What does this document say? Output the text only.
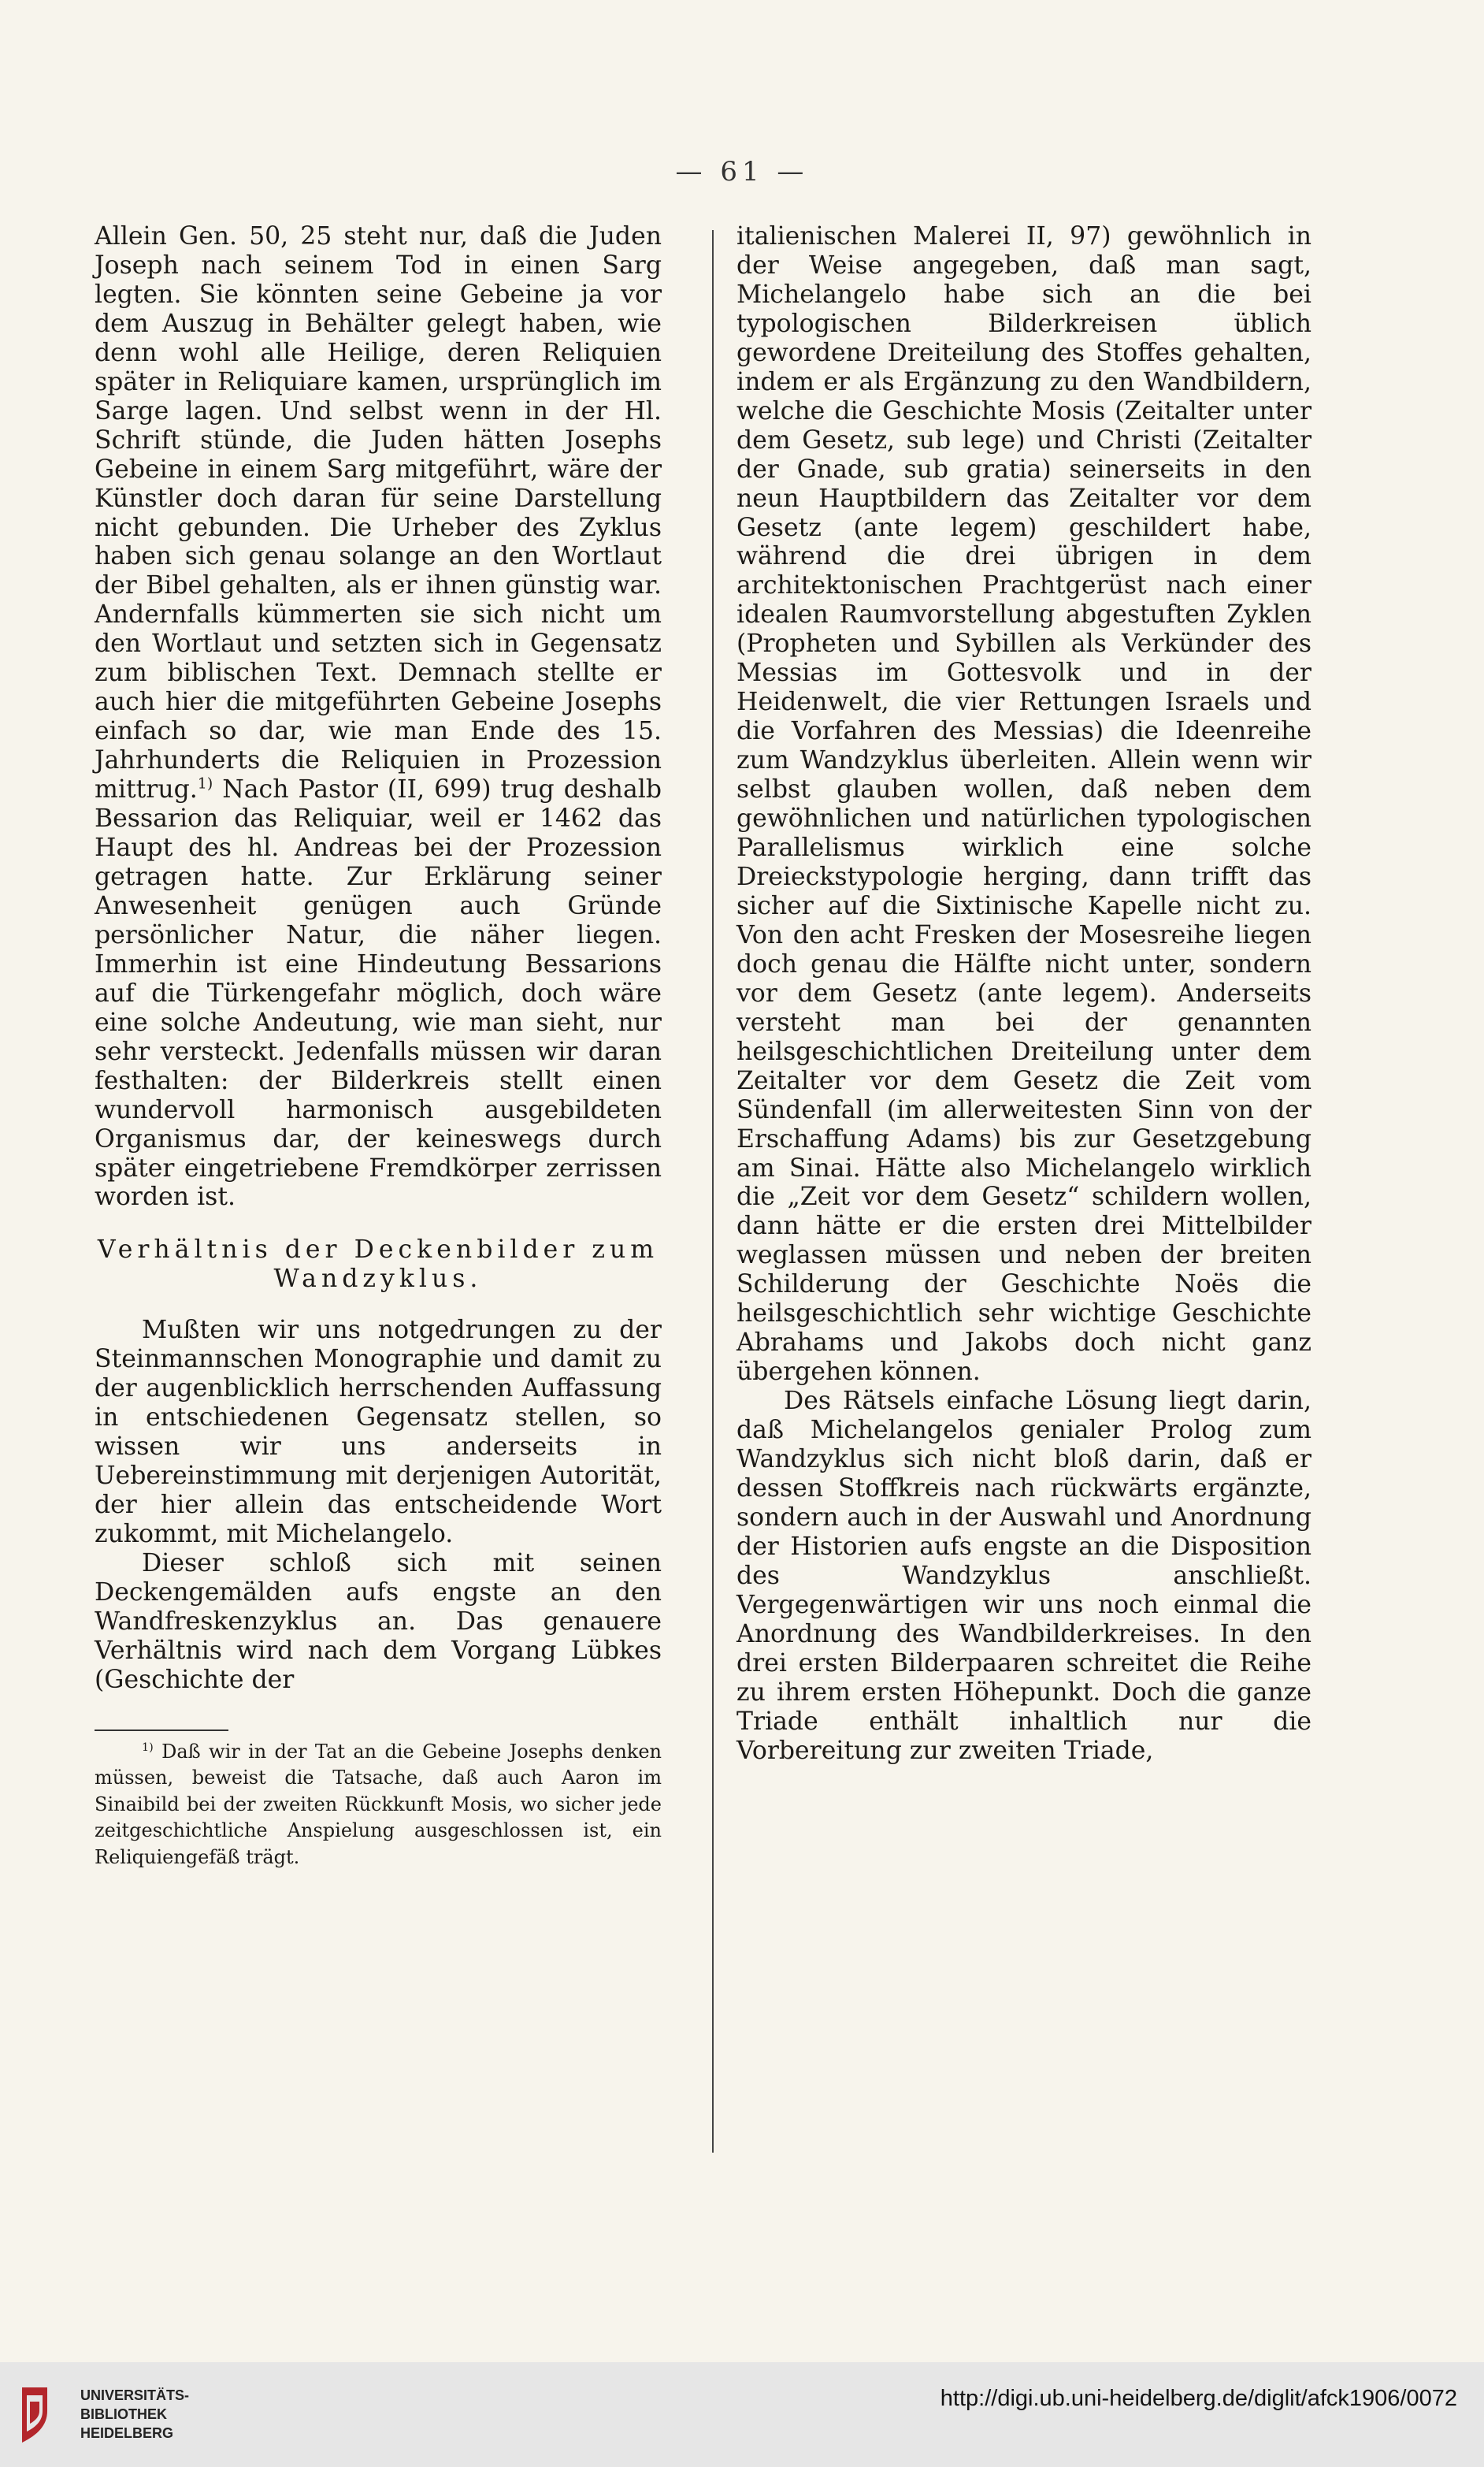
— 61 —

Allein Gen. 50, 25 steht nur, daß die Juden Joseph nach seinem Tod in einen Sarg legten. Sie könnten seine Gebeine ja vor dem Auszug in Behälter gelegt haben, wie denn wohl alle Heilige, deren Reliquien später in Reliquiare kamen, ursprünglich im Sarge lagen. Und selbst wenn in der Hl. Schrift stünde, die Juden hätten Josephs Gebeine in einem Sarg mitgeführt, wäre der Künstler doch daran für seine Darstellung nicht gebunden. Die Urheber des Zyklus haben sich genau solange an den Wortlaut der Bibel gehalten, als er ihnen günstig war. Andernfalls kümmerten sie sich nicht um den Wortlaut und setzten sich in Gegensatz zum biblischen Text. Demnach stellte er auch hier die mitgeführten Gebeine Josephs einfach so dar, wie man Ende des 15. Jahrhunderts die Reliquien in Prozession mittrug.$^{1)}$ Nach Pastor (II, 699) trug deshalb Bessarion das Reliquiar, weil er 1462 das Haupt des hl. Andreas bei der Prozession getragen hatte. Zur Erklärung seiner Anwesenheit genügen auch Gründe persönlicher Natur, die näher liegen. Immerhin ist eine Hindeutung Bessarions auf die Türkengefahr möglich, doch wäre eine solche Andeutung, wie man sieht, nur sehr versteckt. Jedenfalls müssen wir daran festhalten: der Bilderkreis stellt einen wundervoll harmonisch ausgebildeten Organismus dar, der keineswegs durch später eingetriebene Fremdkörper zerrissen worden ist.

Verhältnis der Deckenbilder zum Wandzyklus.

Mußten wir uns notgedrungen zu der Steinmannschen Monographie und damit zu der augenblicklich herrschenden Auffassung in entschiedenen Gegensatz stellen, so wissen wir uns anderseits in Uebereinstimmung mit derjenigen Autorität, der hier allein das entscheidende Wort zukommt, mit Michelangelo.

Dieser schloß sich mit seinen Deckengemälden aufs engste an den Wandfreskenzyklus an. Das genauere Verhältnis wird nach dem Vorgang Lübkes (Geschichte der

$^{1)}$ Daß wir in der Tat an die Gebeine Josephs denken müssen, beweist die Tatsache, daß auch Aaron im Sinaibild bei der zweiten Rückkunft Mosis, wo sicher jede zeitgeschichtliche Anspielung ausgeschlossen ist, ein Reliquiengefäß trägt.

italienischen Malerei II, 97) gewöhnlich in der Weise angegeben, daß man sagt, Michelangelo habe sich an die bei typologischen Bilderkreisen üblich gewordene Dreiteilung des Stoffes gehalten, indem er als Ergänzung zu den Wandbildern, welche die Geschichte Mosis (Zeitalter unter dem Gesetz, sub lege) und Christi (Zeitalter der Gnade, sub gratia) seinerseits in den neun Hauptbildern das Zeitalter vor dem Gesetz (ante legem) geschildert habe, während die drei übrigen in dem architektonischen Prachtgerüst nach einer idealen Raumvorstellung abgestuften Zyklen (Propheten und Sybillen als Verkünder des Messias im Gottesvolk und in der Heidenwelt, die vier Rettungen Israels und die Vorfahren des Messias) die Ideenreihe zum Wandzyklus überleiten. Allein wenn wir selbst glauben wollen, daß neben dem gewöhnlichen und natürlichen typologischen Parallelismus wirklich eine solche Dreieckstypologie herging, dann trifft das sicher auf die Sixtinische Kapelle nicht zu. Von den acht Fresken der Mosesreihe liegen doch genau die Hälfte nicht unter, sondern vor dem Gesetz (ante legem). Anderseits versteht man bei der genannten heilsgeschichtlichen Dreiteilung unter dem Zeitalter vor dem Gesetz die Zeit vom Sündenfall (im allerweitesten Sinn von der Erschaffung Adams) bis zur Gesetzgebung am Sinai. Hätte also Michelangelo wirklich die „Zeit vor dem Gesetz“ schildern wollen, dann hätte er die ersten drei Mittelbilder weglassen müssen und neben der breiten Schilderung der Geschichte Noës die heilsgeschichtlich sehr wichtige Geschichte Abrahams und Jakobs doch nicht ganz übergehen können.

Des Rätsels einfache Lösung liegt darin, daß Michelangelos genialer Prolog zum Wandzyklus sich nicht bloß darin, daß er dessen Stoffkreis nach rückwärts ergänzte, sondern auch in der Auswahl und Anordnung der Historien aufs engste an die Disposition des Wandzyklus anschließt. Vergegenwärtigen wir uns noch einmal die Anordnung des Wandbilderkreises. In den drei ersten Bilderpaaren schreitet die Reihe zu ihrem ersten Höhepunkt. Doch die ganze Triade enthält inhaltlich nur die Vorbereitung zur zweiten Triade,

UNIVERSITÄTS-
BIBLIOTHEK
HEIDELBERG
http://digi.ub.uni-heidelberg.de/diglit/afck1906/0072
